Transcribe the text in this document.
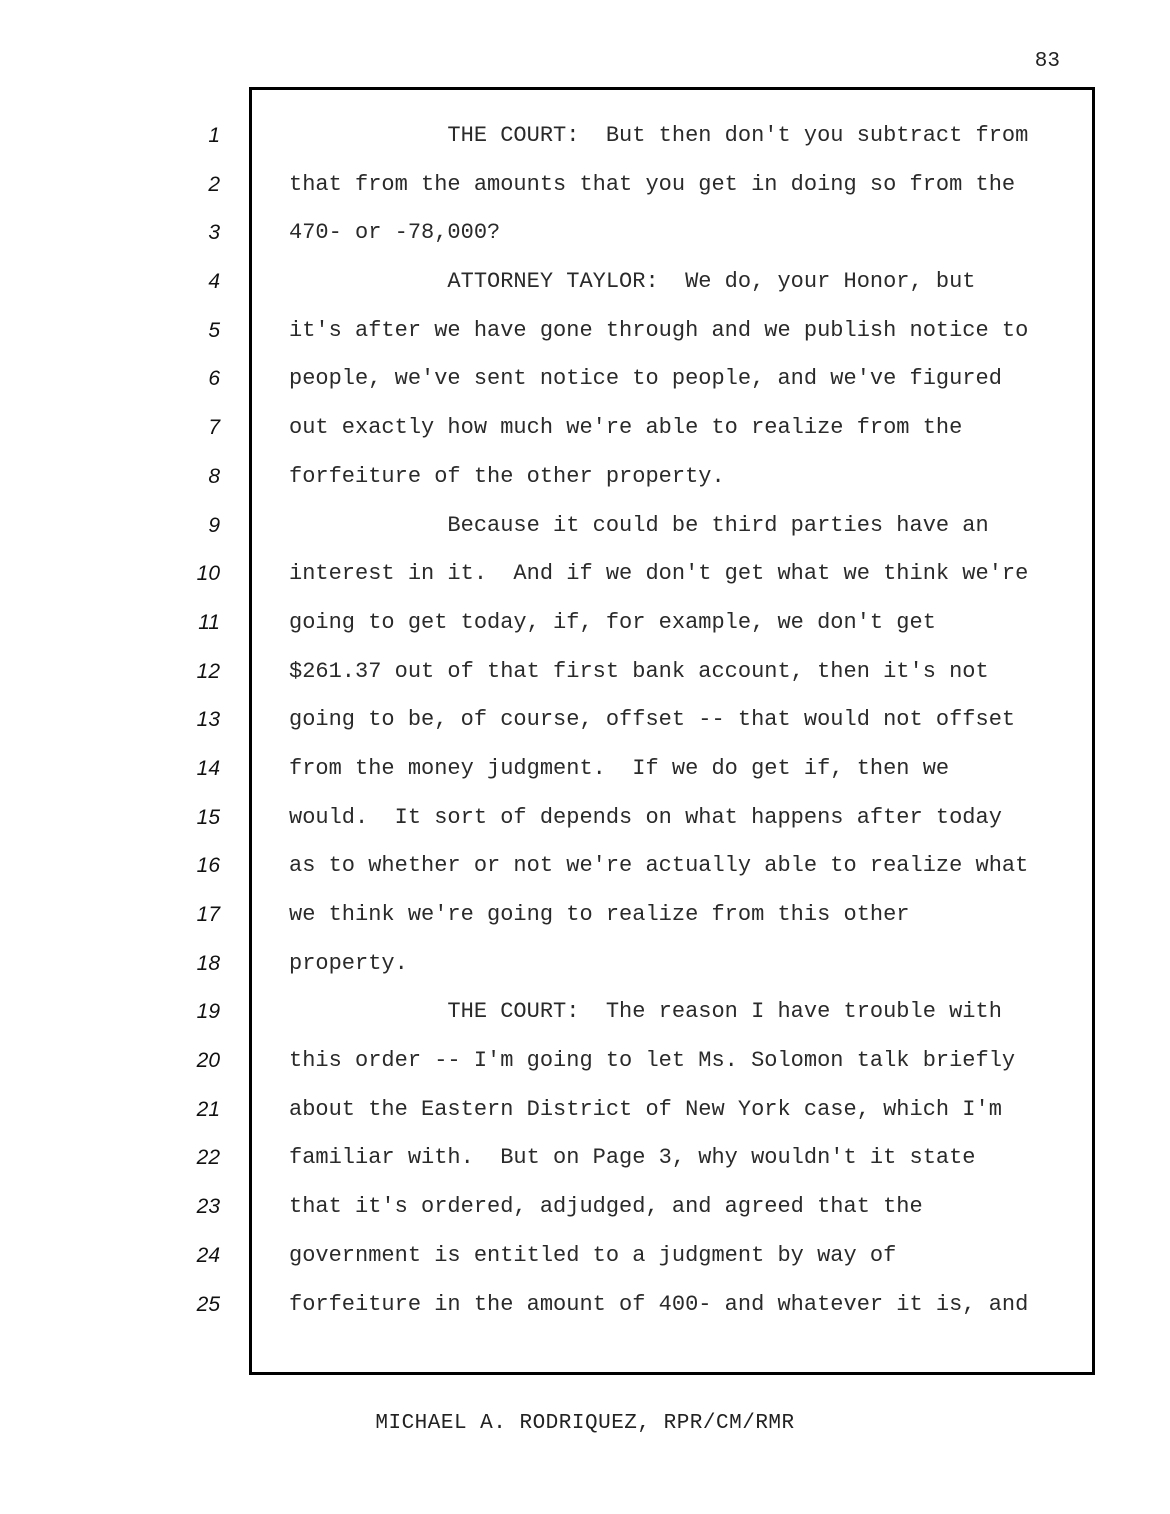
83
1
2
3
4
5
6
7
8
9
10
11
12
13
14
15
16
17
18
19
20
21
22
23
24
25
THE COURT:  But then don't you subtract from
that from the amounts that you get in doing so from the
470- or -78,000?
ATTORNEY TAYLOR:  We do, your Honor, but
it's after we have gone through and we publish notice to
people, we've sent notice to people, and we've figured
out exactly how much we're able to realize from the
forfeiture of the other property.
Because it could be third parties have an
interest in it.  And if we don't get what we think we're
going to get today, if, for example, we don't get
$261.37 out of that first bank account, then it's not
going to be, of course, offset -- that would not offset
from the money judgment.  If we do get if, then we
would.  It sort of depends on what happens after today
as to whether or not we're actually able to realize what
we think we're going to realize from this other
property.
THE COURT:  The reason I have trouble with
this order -- I'm going to let Ms. Solomon talk briefly
about the Eastern District of New York case, which I'm
familiar with.  But on Page 3, why wouldn't it state
that it's ordered, adjudged, and agreed that the
government is entitled to a judgment by way of
forfeiture in the amount of 400- and whatever it is, and
MICHAEL A. RODRIQUEZ, RPR/CM/RMR
